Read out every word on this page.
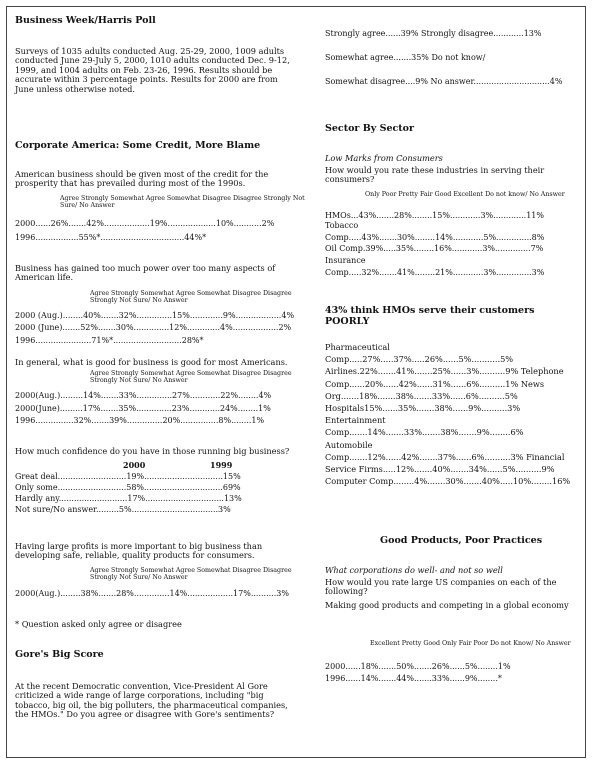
Business Week/Harris Poll
Surveys of 1035 adults conducted Aug. 25-29, 2000, 1009 adults conducted June 29-July 5, 2000, 1010 adults conducted Dec. 9-12, 1999, and 1004 adults on Feb. 23-26, 1996. Results should be accurate within 3 percentage points. Results for 2000 are from June unless otherwise noted.
Corporate America: Some Credit, More Blame
American business should be given most of the credit for the prosperity that has prevailed during most of the 1990s.
Agree Strongly Somewhat Agree Somewhat Disagree Disagree Strongly Not Sure/ No Answer
2000......26%.......42%..................19%...................10%...........2%
1996.................55%*.................................44%*
Business has gained too much power over too many aspects of American life.
Agree Strongly Somewhat Agree Somewhat Disagree Disagree Strongly Not Sure/ No Answer
2000 (Aug.)........40%.......32%..............15%.............9%..................4%
2000 (June).......52%.......30%..............12%.............4%..................2%
1996......................71%*...........................28%*
In general, what is good for business is good for most Americans.
Agree Strongly Somewhat Agree Somewhat Disagree Disagree Strongly Not Sure/ No Answer
2000(Aug.).........14%.......33%..............27%............22%........4%
2000(June).........17%.......35%..............23%............24%........1%
1996...............32%.......39%..............20%...............8%........1%
How much confidence do you have in those running big business?
2000	1999
Great deal...........................19%...............................15%
Only some...........................58%...............................69%
Hardly any...........................17%...............................13%
Not sure/No answer.........5%..................................3%
Having large profits is more important to big business than developing safe, reliable, quality products for consumers.
Agree Strongly Somewhat Agree Somewhat Disagree Disagree Strongly Not Sure/ No Answer
2000(Aug.)........38%.......28%..............14%..................17%..........3%
* Question asked only agree or disagree
Gore's Big Score
At the recent Democratic convention, Vice-President Al Gore criticized a wide range of large corporations, including "big tobacco, big oil, the big polluters, the pharmaceutical companies, the HMOs." Do you agree or disagree with Gore's sentiments?
Strongly agree......39% Strongly disagree............13%
Somewhat agree.......35% Do not know/
Somewhat disagree....9% No answer..............................4%
Sector By Sector
Low Marks from Consumers
How would you rate these industries in serving their consumers?
Only Poor Pretty Fair Good Excellent Do not know/ No Answer
HMOs...43%.......28%........15%............3%.............11%
Tobacco
Comp.....43%.......30%........14%............5%..............8%
Oil Comp.39%.....35%........16%............3%..............7%
Insurance
Comp.....32%.......41%........21%............3%..............3%
43% think HMOs serve their customers POORLY
Pharmaceutical Comp.....27%.....37%.....26%......5%...........5% Airlines.22%.......41%.......25%......3%..........9% Telephone Comp......20%......42%......31%......6%..........1% News Org.......18%.......38%.......33%......6%..........5% Hospitals15%......35%.......38%......9%..........3% Entertainment Comp.......14%.......33%.......38%.......9%........6% Automobile Comp.......12%......42%.......37%......6%..........3% Financial Service Firms.....12%.......40%.......34%......5%..........9% Computer Comp........4%.......30%.......40%.....10%........16%
Good Products, Poor Practices
What corporations do well- and not so well
How would you rate large US companies on each of the following?
Making good products and competing in a global economy
Excellent Pretty Good Only Fair Poor Do not Know/ No Answer
2000......18%.......50%.......26%......5%........1%
1996......14%.......44%.......33%......9%........*
